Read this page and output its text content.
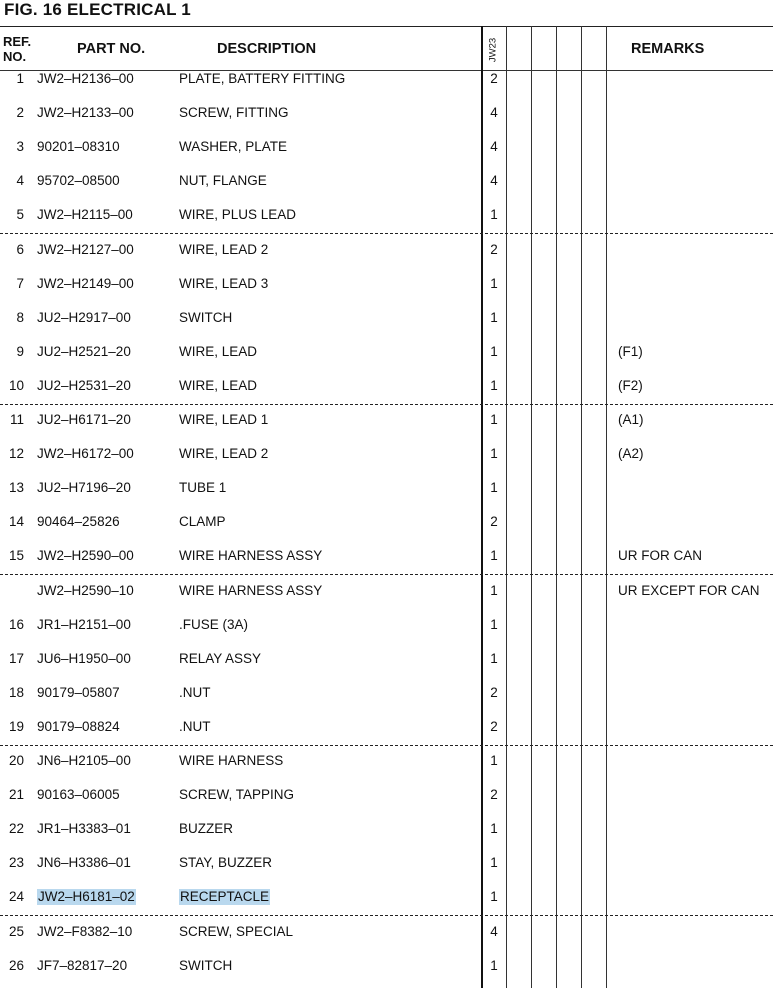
FIG. 16 ELECTRICAL 1
REF.
NO.	PART NO.	DESCRIPTION	JW23	REMARKS
1 JW2–H2136–00	PLATE, BATTERY FITTING	2
2 JW2–H2133–00	SCREW, FITTING	4
3 90201–08310	WASHER, PLATE	4
4 95702–08500	NUT, FLANGE	4
5 JW2–H2115–00	WIRE, PLUS LEAD	1
6 JW2–H2127–00	WIRE, LEAD 2	2
7 JW2–H2149–00	WIRE, LEAD 3	1
8 JU2–H2917–00	SWITCH	1
9 JU2–H2521–20	WIRE, LEAD	1	(F1)
10 JU2–H2531–20	WIRE, LEAD	1	(F2)
11 JU2–H6171–20	WIRE, LEAD 1	1	(A1)
12 JW2–H6172–00	WIRE, LEAD 2	1	(A2)
13 JU2–H7196–20	TUBE 1	1
14 90464–25826	CLAMP	2
15 JW2–H2590–00	WIRE HARNESS ASSY	1	UR FOR CAN
JW2–H2590–10	WIRE HARNESS ASSY	1	UR EXCEPT FOR CAN
16 JR1–H2151–00	.FUSE (3A)	1
17 JU6–H1950–00	RELAY ASSY	1
18 90179–05807	.NUT	2
19 90179–08824	.NUT	2
20 JN6–H2105–00	WIRE HARNESS	1
21 90163–06005	SCREW, TAPPING	2
22 JR1–H3383–01	BUZZER	1
23 JN6–H3386–01	STAY, BUZZER	1
24 JW2–H6181–02	RECEPTACLE	1
25 JW2–F8382–10	SCREW, SPECIAL	4
26 JF7–82817–20	SWITCH	1
